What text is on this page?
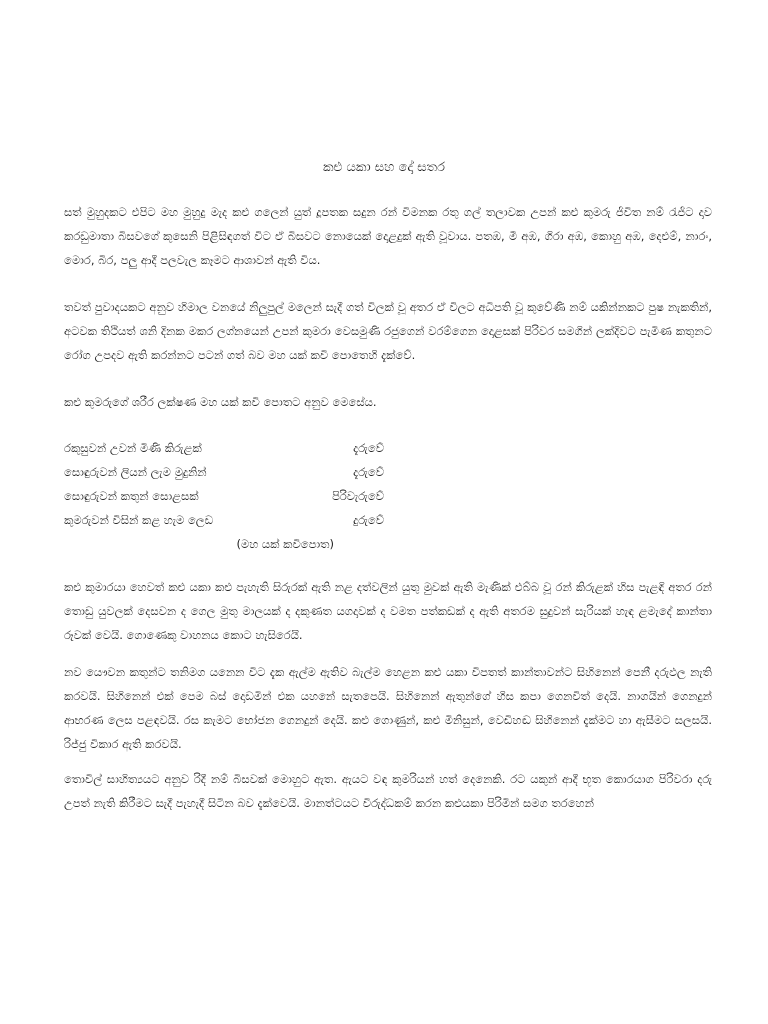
කළු යකා සහ දෝ සතර

සත් මුහුදකට එපිට මහ මුහුදු මැද කළු ගලෙන් යුත් දූපතක සදුන රන් විමනක රතු ගල් තලාවක උපන් කළු කුමරු ජිවිත නම් රැජිට දාව කරඩුමාතා බිසවගේ කුසෙනි පිළිසිඳගත් විට ඒ බිසවට නොයෙක් දොළදුක් ඇති වූවාය. පතඹ, මී අඹ, ගිරා අඹ, කොහු අඹ, දෙළුම්, නාරං, මොර, බිර, පලු ආදී පලවැල කෑමට ආශාවන් ඇති විය.

තවත් පුවාදයකට අනුව හිමාල වනයේ නිලුපුල් මලෙන් සැදී ගත් විලක් වූ අතර ඒ විලට අධිපති වූ කුවේණි නම් යකින්නකට පුෂ නැකතින්, අටවක තිථියත් ශනි දිනක මකර ලග්නයෙන් උපන් කුමරා වෙසමුණි රජුගෙන් වරම්ගෙන දොළසක් පිරිවර සමගින් ලක්දිවට පැමිණ කතුනට රෝග උපදව ඇති කරන්නට පටන් ගත් බව මහ යක් කවි පොතෙහි දැක්වේ.

කළු කුමරුගේ ශරීර ලක්ෂණ මහ යක් කවි පොතට අනුව මෙසේය.

රකුසුවන් උවන් මිණි කිරුළක්	දැරුවේ
සොඳුරුවන් ලියන් ලැම මුදුනින්	දැරුවේ
සොඳුරුවන් කතුන් සොළසක්	පිරිවැරුවේ
කුමරුවන් විසින් කළ හැම ලෙඩ	දුරුවේ
(මහ යක් කවිපොත)

කළු කුමාරයා හෙවත් කළු යකා කළු පැහැති සිරුරක් ඇති නළ දත්වලින් යුතු මුවක් ඇති මැණික් එබ්බ වූ රන් කිරුළක් හිස පැළඳි අතර රන් තොඩු යුවලක් දෙසවන ද ගෙල මුතු මාලයක් ද දකුණත යගදාවක් ද වමත පත්කඩක් ද ඇති අතරම සුදුවන් සැරියක් හැඳ ළමැදේ කාන්තා රූවක් වෙයි. ගොණෙකු වාහනය කොට හැසිරෙයි.

නව යෞවන කතුන්ට තනිමග යනෙන විට දැක ඇල්ම ඇතිව බැල්ම හෙළන කළු යකා විපතත් කාන්තාවන්ට සිහිනෙන් පෙනී දරුඵල නැති කරවයි. සිහිනෙන් එක් පෙම බස් දොඩමින් එක යහනේ සැතපෙයි. සිහිනෙන් ඇතුන්ගේ හිස කපා ගෙනවිත් දෙයි. නාගයින් ගෙනදුන් ආභරණ ලෙස පළඳවයි. රස කැමට භෝජන ගෙනදුන් දෙයි. කළු ගොණුන්, කළු මිනිසුන්, වෙඩිහඬ සිහිනෙන් දැක්මට හා ඇසීමට සලසයි. රිජ්ජු විකාර ඇති කරවයි.

තොවිල් සාහිත්‍යයට අනුව රිදී නම් බිසවක් මොහුට ඇත. ඇයට වඳ කුමරියන් හත් දෙනෙකි. රට යකුන් ආදී භූත කොරයාග පිරිවරා දරු උපත් නැති කිරීමට සැදී පැහැදී සිටින බව දැක්වෙයි. මානත්ටයට විරුද්ධකම් කරන කළුයකා පිරිමින් සමග තරහෙන්
